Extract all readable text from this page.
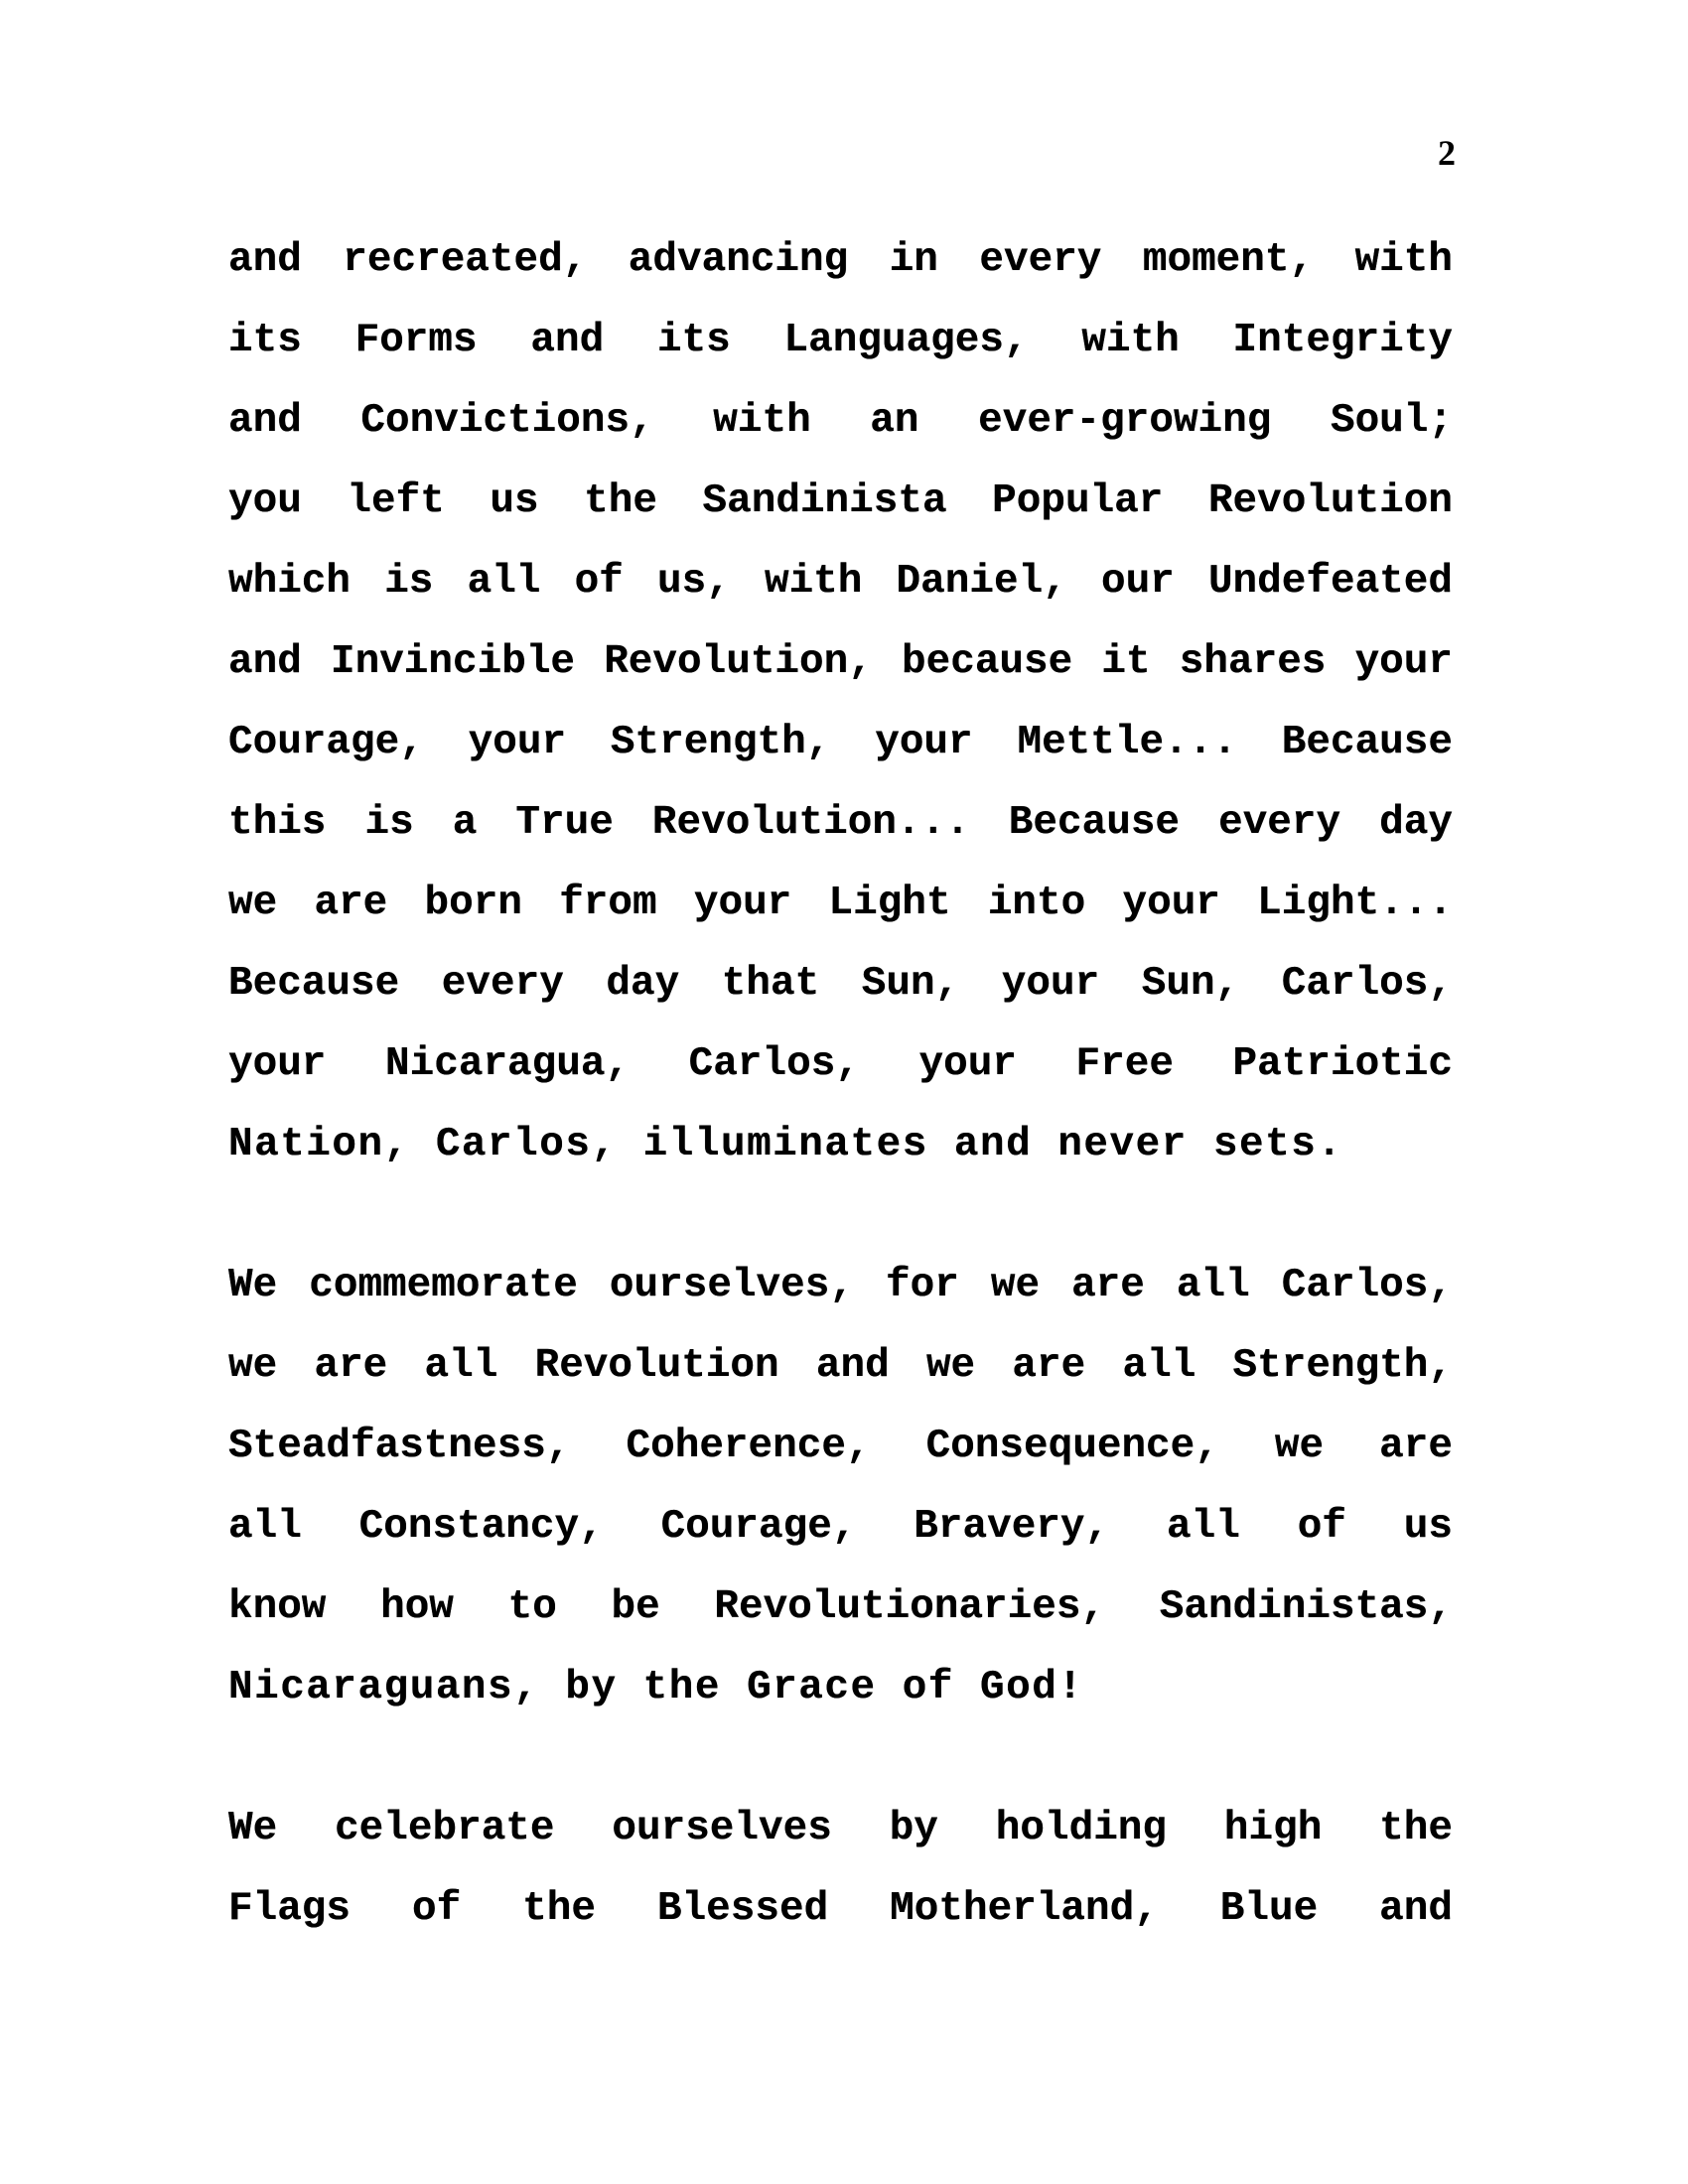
2
and recreated, advancing in every moment, with
its Forms and its Languages, with Integrity
and Convictions, with an ever-growing Soul;
you left us the Sandinista Popular Revolution
which is all of us, with Daniel, our Undefeated
and Invincible Revolution, because it shares your
Courage, your Strength, your Mettle... Because
this is a True Revolution... Because every day
we are born from your Light into your Light...
Because every day that Sun, your Sun, Carlos,
your Nicaragua, Carlos, your Free Patriotic
Nation, Carlos, illuminates and never sets.
We commemorate ourselves, for we are all Carlos,
we are all Revolution and we are all Strength,
Steadfastness, Coherence, Consequence, we are
all Constancy, Courage, Bravery, all of us
know how to be Revolutionaries, Sandinistas,
Nicaraguans, by the Grace of God!
We celebrate ourselves by holding high the
Flags of the Blessed Motherland, Blue and
